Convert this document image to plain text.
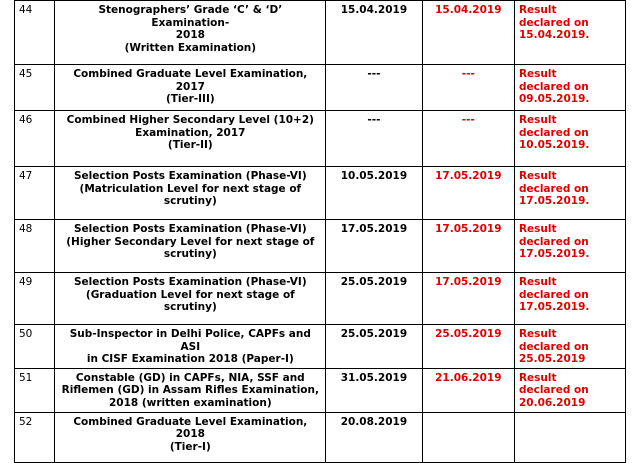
44	Stenographers’ Grade ‘C’ & ‘D’ Examination-
2018
(Written Examination)	15.04.2019	15.04.2019	Result
declared on
15.04.2019.

45	Combined Graduate Level Examination, 2017
(Tier-III)	---	---	Result
declared on
09.05.2019.

46	Combined Higher Secondary Level (10+2)
Examination, 2017
(Tier-II)	---	---	Result
declared on
10.05.2019.

47	Selection Posts Examination (Phase-VI)
(Matriculation Level for next stage of
scrutiny)	10.05.2019	17.05.2019	Result
declared on
17.05.2019.

48	Selection Posts Examination (Phase-VI)
(Higher Secondary Level for next stage of
scrutiny)	17.05.2019	17.05.2019	Result
declared on
17.05.2019.

49	Selection Posts Examination (Phase-VI)
(Graduation Level for next stage of scrutiny)	25.05.2019	17.05.2019	Result
declared on
17.05.2019.

50	Sub-Inspector in Delhi Police, CAPFs and ASI
in CISF Examination 2018 (Paper-I)	25.05.2019	25.05.2019	Result
declared on
25.05.2019

51	Constable (GD) in CAPFs, NIA, SSF and
Riflemen (GD) in Assam Rifles Examination,
2018 (written examination)	31.05.2019	21.06.2019	Result
declared on
20.06.2019

52	Combined Graduate Level Examination, 2018
(Tier-I)	20.08.2019		
